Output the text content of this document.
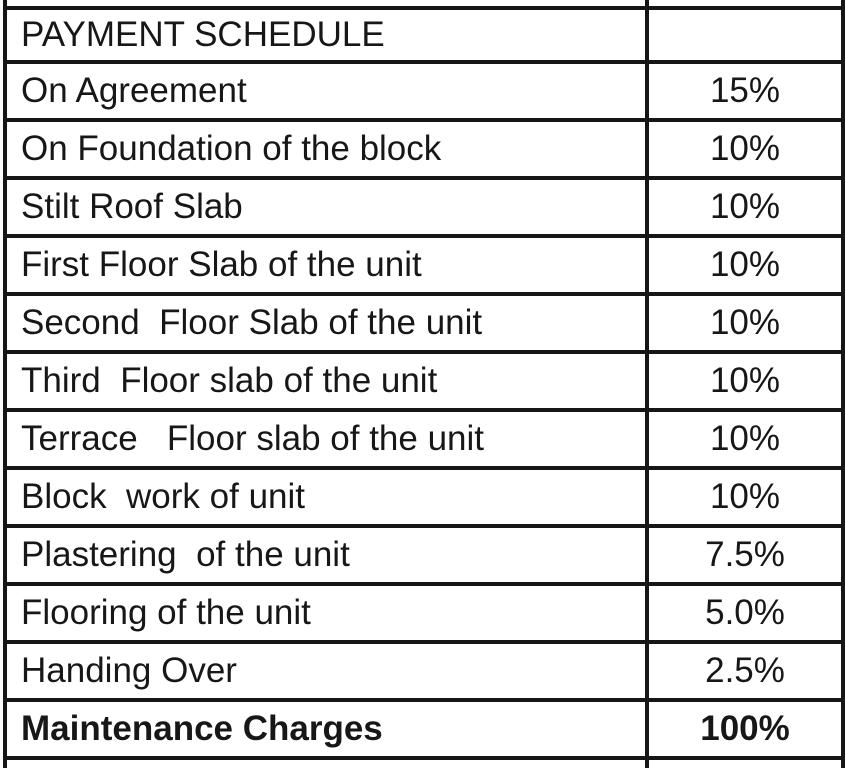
PAYMENT SCHEDULE	
On Agreement	15%
On Foundation of the block	10%
Stilt Roof Slab	10%
First Floor Slab of the unit	10%
Second  Floor Slab of the unit	10%
Third  Floor slab of the unit	10%
Terrace   Floor slab of the unit	10%
Block  work of unit	10%
Plastering  of the unit	7.5%
Flooring of the unit	5.0%
Handing Over	2.5%
Maintenance Charges	100%
